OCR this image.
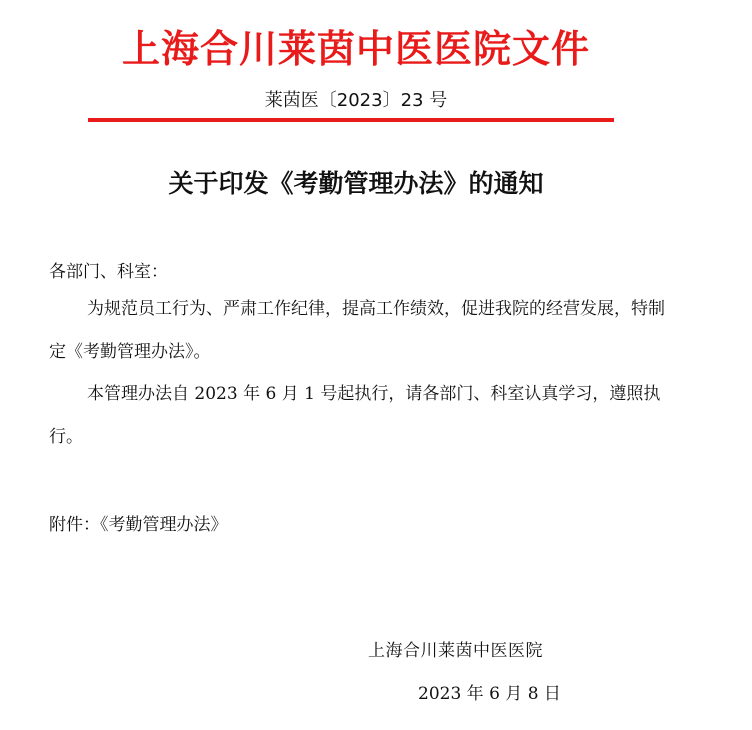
上海合川莱茵中医医院文件
莱茵医〔2023〕23 号
关于印发《考勤管理办法》的通知
各部门、科室：

为规范员工行为、严肃工作纪律，提高工作绩效，促进我院的经营发展，特制定《考勤管理办法》。

本管理办法自 2023 年 6 月 1 号起执行，请各部门、科室认真学习，遵照执行。

附件：《考勤管理办法》
上海合川莱茵中医医院
2023 年 6 月 8 日
